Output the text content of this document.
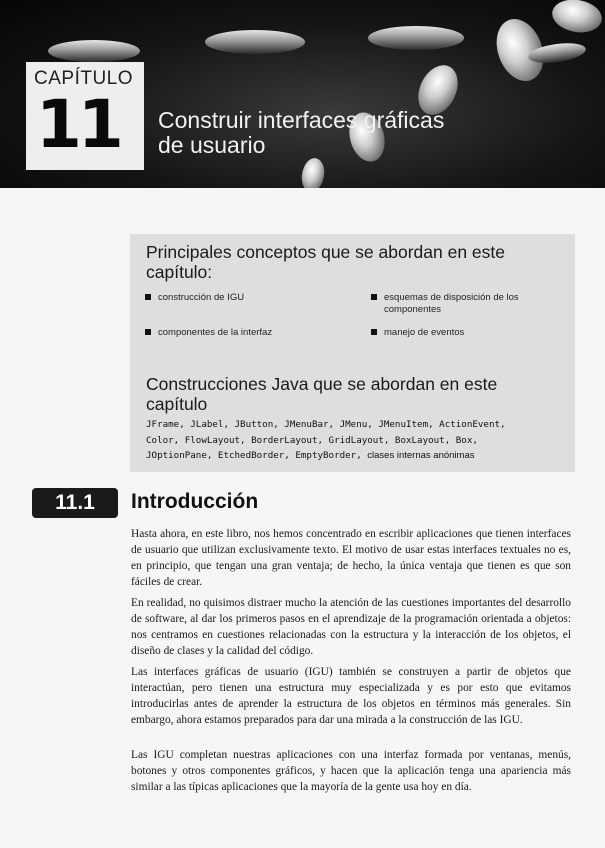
CAPÍTULO
11 Construir interfaces gráficas
de usuario
Principales conceptos que se abordan en este
capítulo:
construcción de IGU	esquemas de disposición de los
componentes
componentes de la interfaz	manejo de eventos
Construcciones Java que se abordan en este
capítulo
JFrame, JLabel, JButton, JMenuBar, JMenu, JMenuItem, ActionEvent,
Color, FlowLayout, BorderLayout, GridLayout, BoxLayout, Box,
JOptionPane, EtchedBorder, EmptyBorder, clases internas anónimas
11.1	Introducción

Hasta ahora, en este libro, nos hemos concentrado en escribir aplicaciones que tienen interfaces de usuario que utilizan exclusivamente texto. El motivo de usar estas interfaces textuales no es, en principio, que tengan una gran ventaja; de hecho, la única ventaja que tienen es que son fáciles de crear.

En realidad, no quisimos distraer mucho la atención de las cuestiones importantes del desarrollo de software, al dar los primeros pasos en el aprendizaje de la programación orientada a objetos: nos centramos en cuestiones relacionadas con la estructura y la interacción de los objetos, el diseño de clases y la calidad del código.

Las interfaces gráficas de usuario (IGU) también se construyen a partir de objetos que interactúan, pero tienen una estructura muy especializada y es por esto que evitamos introducirlas antes de aprender la estructura de los objetos en términos más generales. Sin embargo, ahora estamos preparados para dar una mirada a la construcción de las IGU.

Las IGU completan nuestras aplicaciones con una interfaz formada por ventanas, menús, botones y otros componentes gráficos, y hacen que la aplicación tenga una apariencia más similar a las típicas aplicaciones que la mayoría de la gente usa hoy en día.
